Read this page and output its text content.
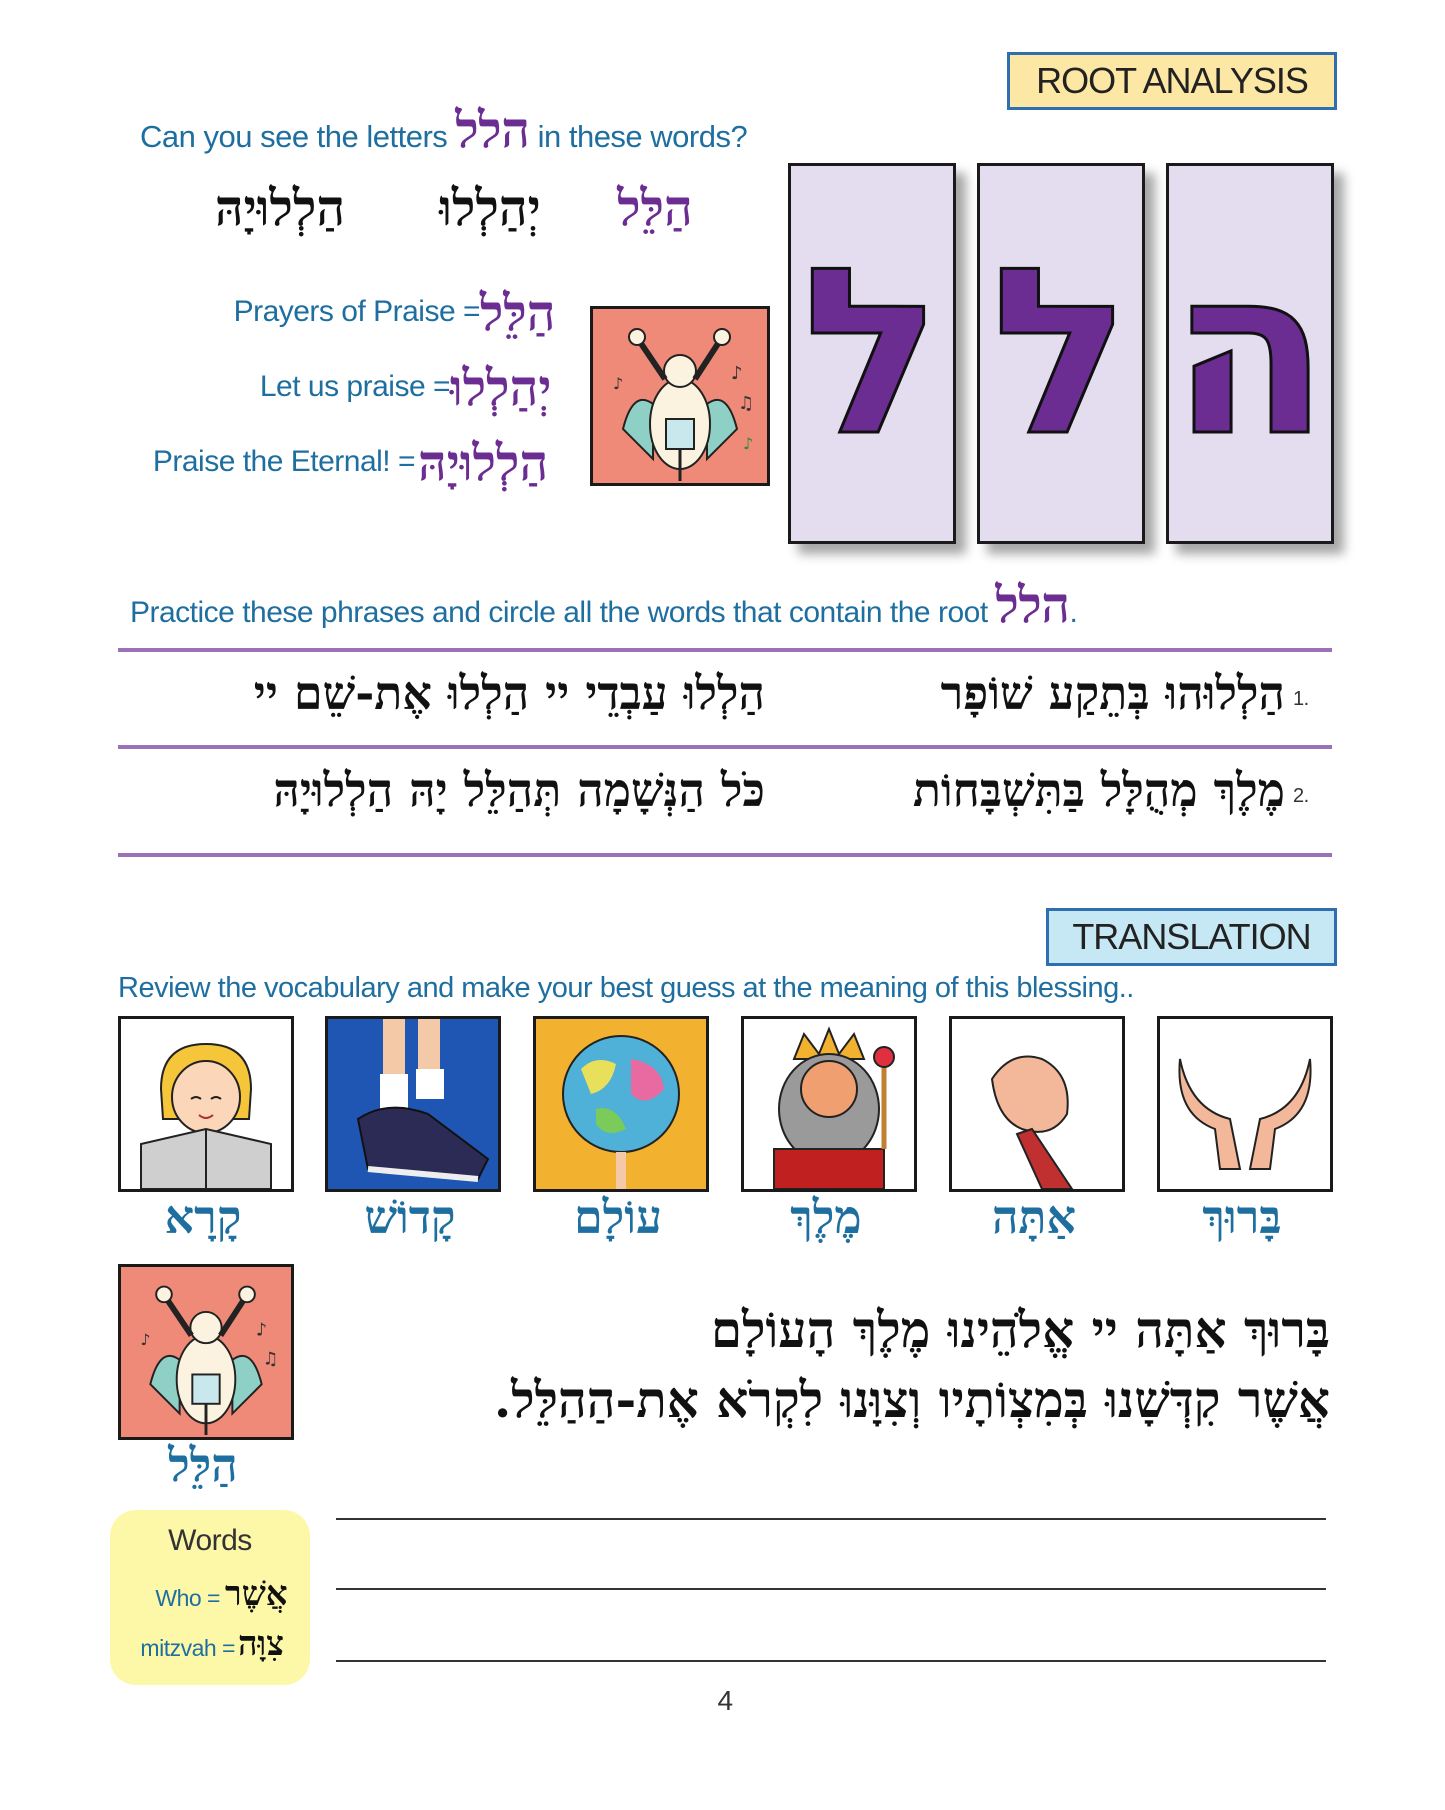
ROOT ANALYSIS
Can you see the letters הלל in these words?
הַלְלוּיָהּ	יְהַלְלוּ	הַלֵּל
Prayers of Praise = הַלֵּל
Let us praise = יְהַלְלוּ
Praise the Eternal! = הַלְלוּיָהּ
♪
♫
♪
♪ ל ל ה
Practice these phrases and circle all the words that contain the root הלל.
1.
הַלְלוּהוּ בְּתֵקַע שׁוֹפָר
הַלְלוּ עַבְדֵי יי הַלְלוּ אֶת-שֵׁם יי
2.
מֶלֶךְ מְהֻלָּל בַּתִּשְׁבָּחוֹת
כֹּל הַנְּשָׁמָה תְּהַלֵּל יָהּ הַלְלוּיָהּ
TRANSLATION
Review the vocabulary and make your best guess at the meaning of this blessing..
קָרָא	קָדוֹשׁ	עוֹלָם	מֶלֶךְ	אַתָּה	בָּרוּךְ
♪
♫
♪
הַלֵּל
בָּרוּךְ אַתָּה יי אֱלֹהֵינוּ מֶלֶךְ הָעוֹלָם
אֲשֶׁר קִדְּשָׁנוּ בְּמִצְוֹתָיו וְצִוָּנוּ לִקְרֹא אֶת-הַהַלֵּל.
Words
Who = אֲשֶׁר
mitzvah = צִוָּה
4
